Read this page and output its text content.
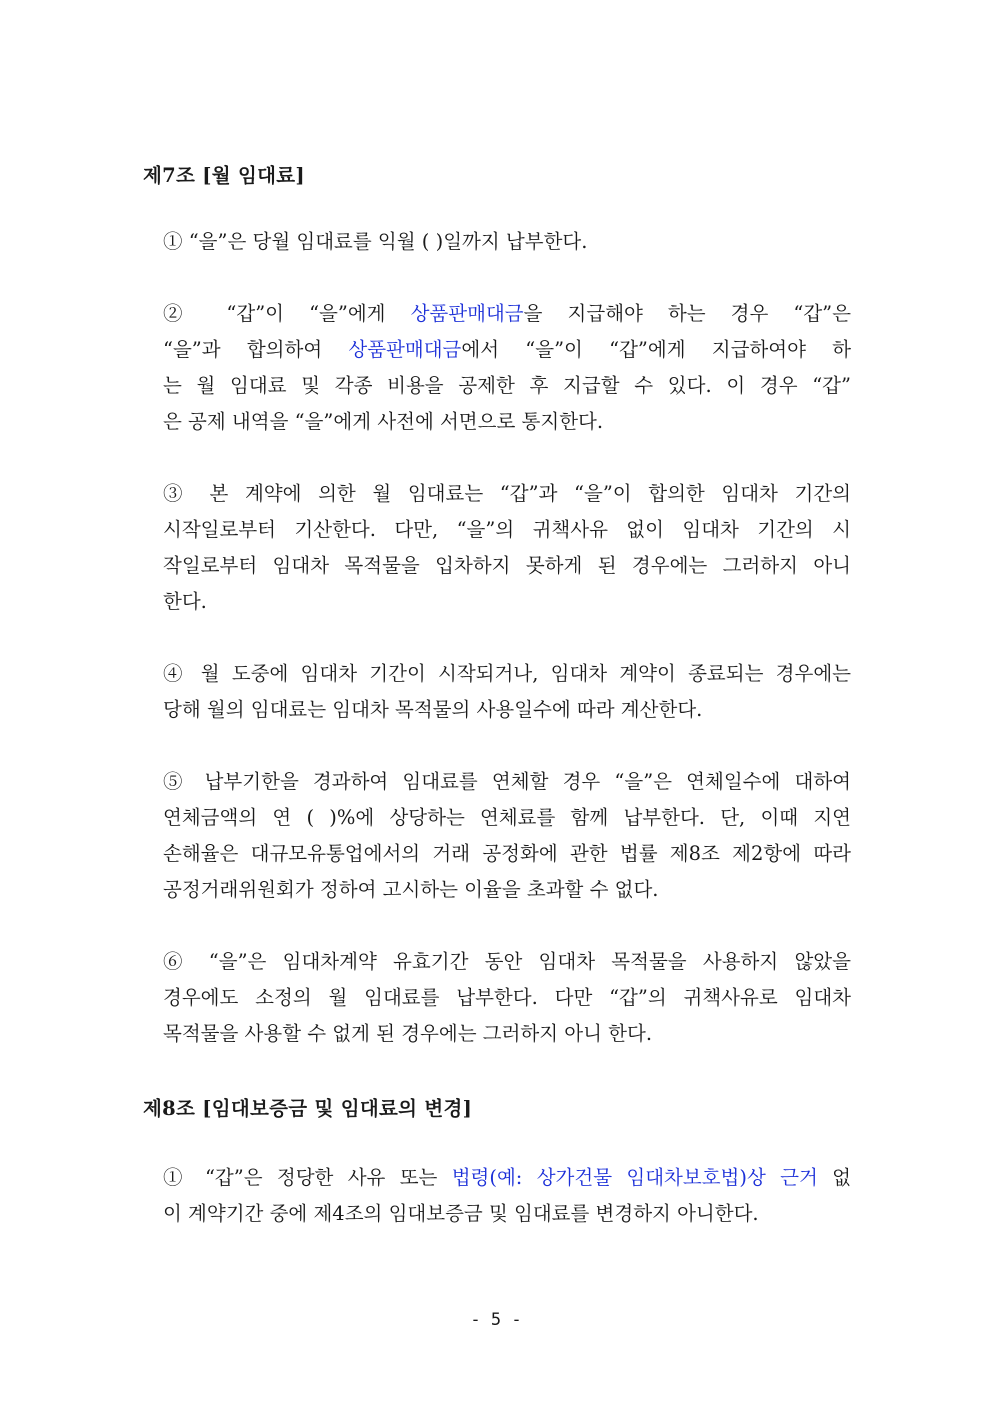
제7조 [월 임대료]
① “을”은 당월 임대료를 익월 ( )일까지 납부한다.
② “갑”이 “을”에게 상품판매대금을 지급해야 하는 경우 “갑”은
“을”과 합의하여 상품판매대금에서 “을”이 “갑”에게 지급하여야 하
는 월 임대료 및 각종 비용을 공제한 후 지급할 수 있다. 이 경우 “갑”
은 공제 내역을 “을”에게 사전에 서면으로 통지한다.
③ 본 계약에 의한 월 임대료는 “갑”과 “을”이 합의한 임대차 기간의
시작일로부터 기산한다. 다만, “을”의 귀책사유 없이 임대차 기간의 시
작일로부터 임대차 목적물을 입차하지 못하게 된 경우에는 그러하지 아니
한다.
④ 월 도중에 임대차 기간이 시작되거나, 임대차 계약이 종료되는 경우에는
당해 월의 임대료는 임대차 목적물의 사용일수에 따라 계산한다.
⑤ 납부기한을 경과하여 임대료를 연체할 경우 “을”은 연체일수에 대하여
연체금액의 연 ( )%에 상당하는 연체료를 함께 납부한다. 단, 이때 지연
손해율은 대규모유통업에서의 거래 공정화에 관한 법률 제8조 제2항에 따라
공정거래위원회가 정하여 고시하는 이율을 초과할 수 없다.
⑥ “을”은 임대차계약 유효기간 동안 임대차 목적물을 사용하지 않았을
경우에도 소정의 월 임대료를 납부한다. 다만 “갑”의 귀책사유로 임대차
목적물을 사용할 수 없게 된 경우에는 그러하지 아니 한다.
제8조 [임대보증금 및 임대료의 변경]
① “갑”은 정당한 사유 또는 법령(예: 상가건물 임대차보호법)상 근거 없
이 계약기간 중에 제4조의 임대보증금 및 임대료를 변경하지 아니한다.
- 5 -
